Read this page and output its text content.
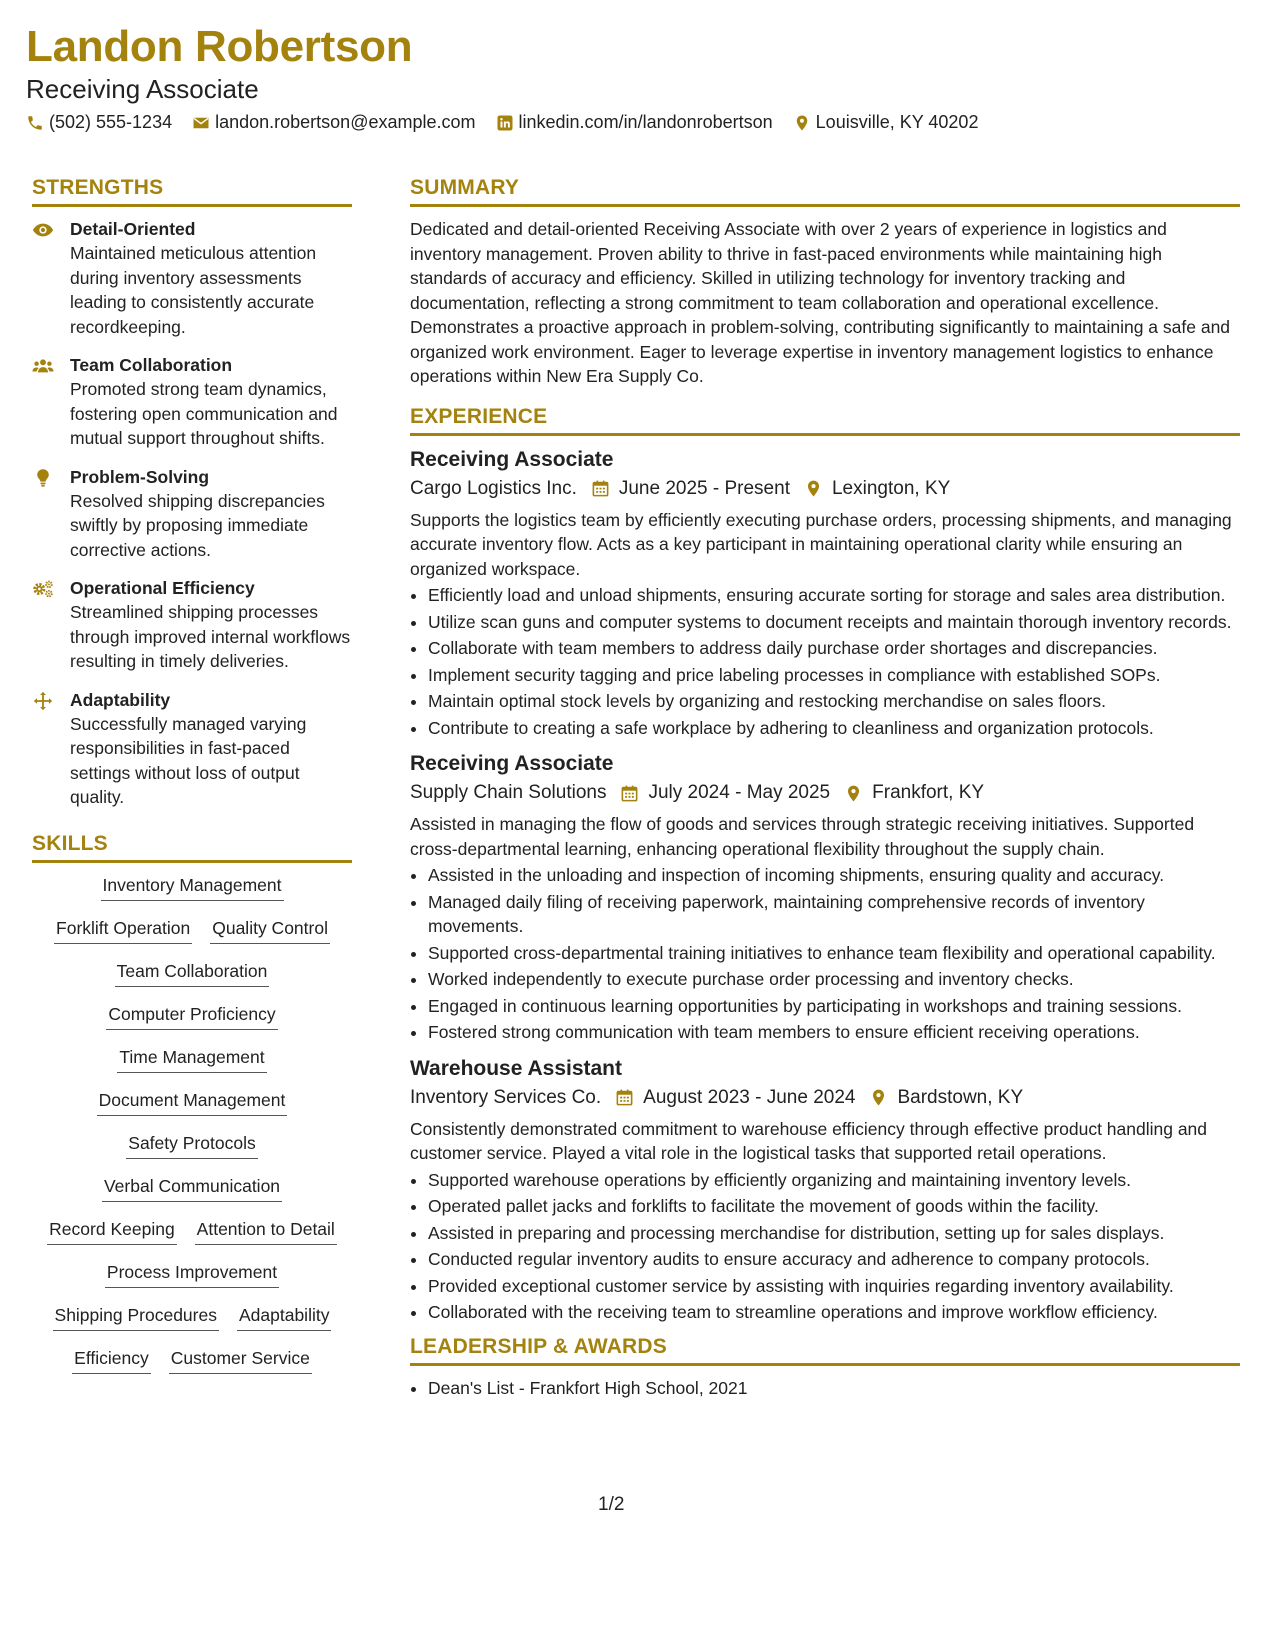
Landon Robertson
Receiving Associate
(502) 555-1234 landon.robertson@example.com linkedin.com/in/landonrobertson Louisville, KY 40202
STRENGTHS
Detail-Oriented
Maintained meticulous attention during inventory assessments leading to consistently accurate recordkeeping.
Team Collaboration
Promoted strong team dynamics, fostering open communication and mutual support throughout shifts.
Problem-Solving
Resolved shipping discrepancies swiftly by proposing immediate corrective actions.
Operational Efficiency
Streamlined shipping processes through improved internal workflows resulting in timely deliveries.
Adaptability
Successfully managed varying responsibilities in fast-paced settings without loss of output quality.
SKILLS
Inventory Management
Forklift Operation Quality Control
Team Collaboration
Computer Proficiency
Time Management
Document Management
Safety Protocols
Verbal Communication
Record Keeping Attention to Detail
Process Improvement
Shipping Procedures Adaptability
Efficiency Customer Service
SUMMARY
Dedicated and detail-oriented Receiving Associate with over 2 years of experience in logistics and inventory management. Proven ability to thrive in fast-paced environments while maintaining high standards of accuracy and efficiency. Skilled in utilizing technology for inventory tracking and documentation, reflecting a strong commitment to team collaboration and operational excellence. Demonstrates a proactive approach in problem-solving, contributing significantly to maintaining a safe and organized work environment. Eager to leverage expertise in inventory management logistics to enhance operations within New Era Supply Co.
EXPERIENCE
Receiving Associate
Cargo Logistics Inc. June 2025 - Present Lexington, KY
Supports the logistics team by efficiently executing purchase orders, processing shipments, and managing accurate inventory flow. Acts as a key participant in maintaining operational clarity while ensuring an organized workspace.
• Efficiently load and unload shipments, ensuring accurate sorting for storage and sales area distribution.
• Utilize scan guns and computer systems to document receipts and maintain thorough inventory records.
• Collaborate with team members to address daily purchase order shortages and discrepancies.
• Implement security tagging and price labeling processes in compliance with established SOPs.
• Maintain optimal stock levels by organizing and restocking merchandise on sales floors.
• Contribute to creating a safe workplace by adhering to cleanliness and organization protocols.
Receiving Associate
Supply Chain Solutions July 2024 - May 2025 Frankfort, KY
Assisted in managing the flow of goods and services through strategic receiving initiatives. Supported cross-departmental learning, enhancing operational flexibility throughout the supply chain.
• Assisted in the unloading and inspection of incoming shipments, ensuring quality and accuracy.
• Managed daily filing of receiving paperwork, maintaining comprehensive records of inventory movements.
• Supported cross-departmental training initiatives to enhance team flexibility and operational capability.
• Worked independently to execute purchase order processing and inventory checks.
• Engaged in continuous learning opportunities by participating in workshops and training sessions.
• Fostered strong communication with team members to ensure efficient receiving operations.
Warehouse Assistant
Inventory Services Co. August 2023 - June 2024 Bardstown, KY
Consistently demonstrated commitment to warehouse efficiency through effective product handling and customer service. Played a vital role in the logistical tasks that supported retail operations.
• Supported warehouse operations by efficiently organizing and maintaining inventory levels.
• Operated pallet jacks and forklifts to facilitate the movement of goods within the facility.
• Assisted in preparing and processing merchandise for distribution, setting up for sales displays.
• Conducted regular inventory audits to ensure accuracy and adherence to company protocols.
• Provided exceptional customer service by assisting with inquiries regarding inventory availability.
• Collaborated with the receiving team to streamline operations and improve workflow efficiency.
LEADERSHIP & AWARDS
• Dean's List - Frankfort High School, 2021
1/2
